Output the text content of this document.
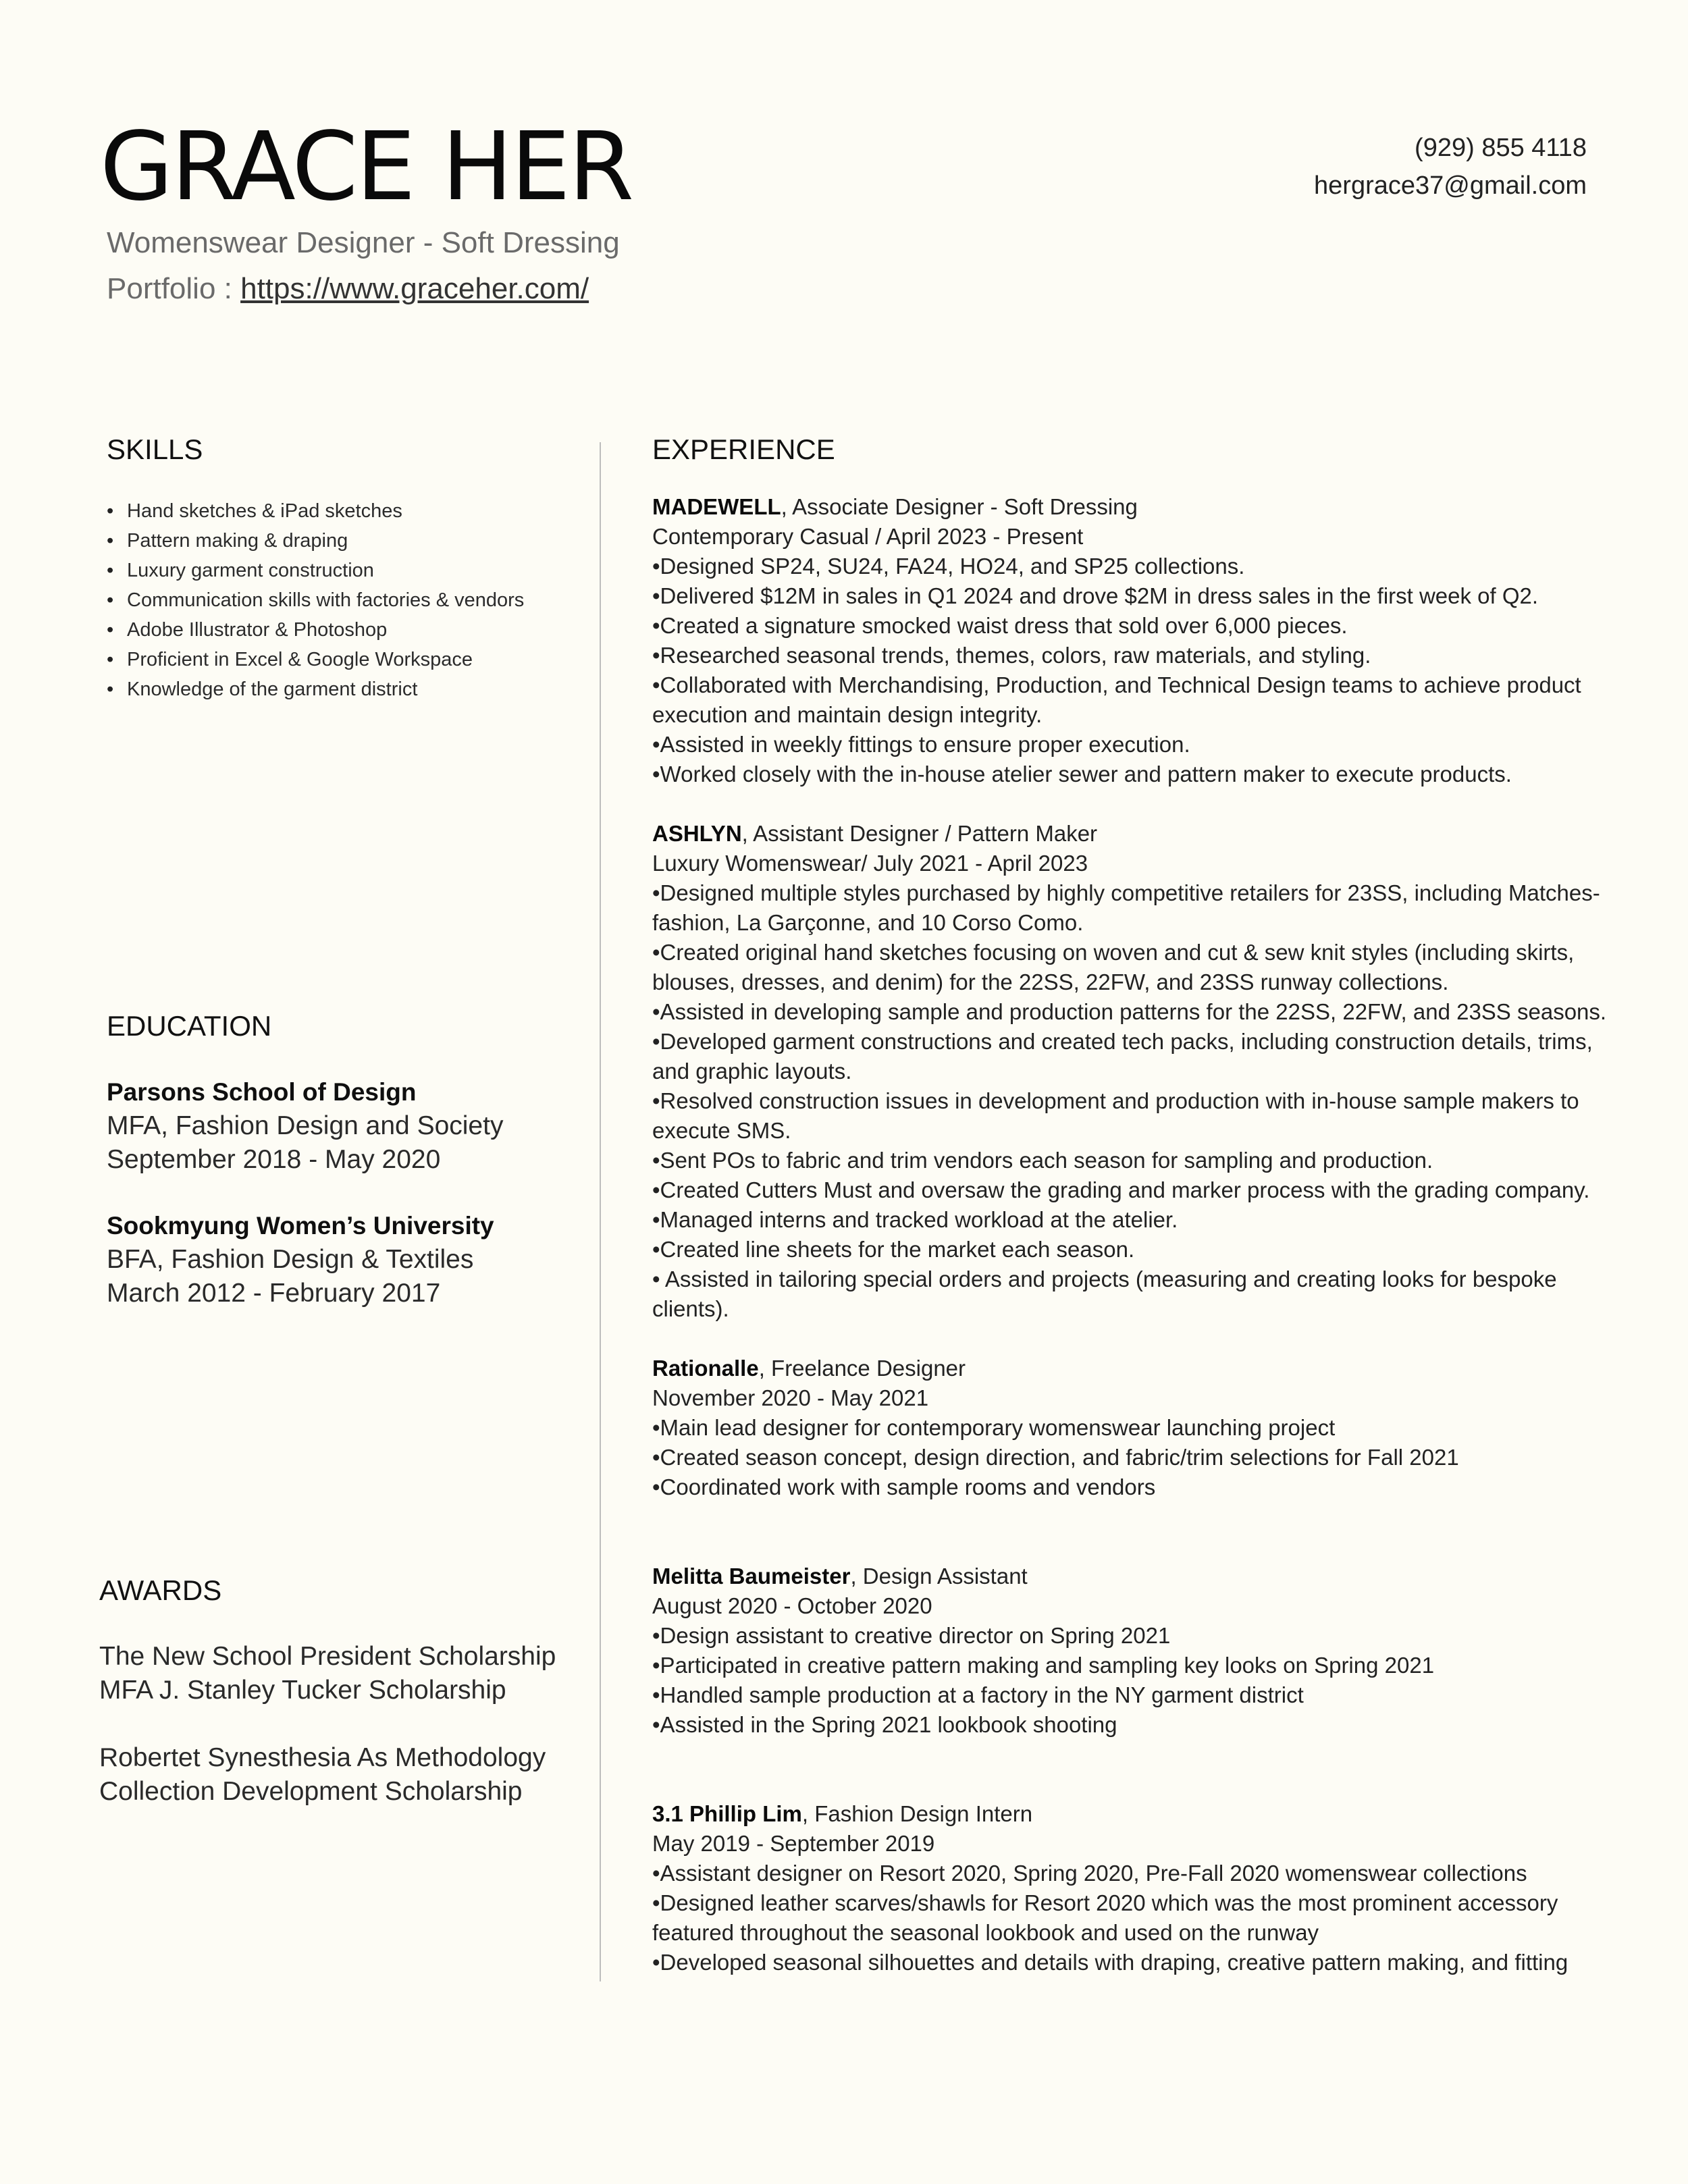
GRACE HER

Womenswear Designer - Soft Dressing

Portfolio : https://www.graceher.com/

(929) 855 4118

hergrace37@gmail.com

SKILLS
• Hand sketches & iPad sketches
• Pattern making & draping
• Luxury garment construction
• Communication skills with factories & vendors
• Adobe Illustrator & Photoshop
• Proficient in Excel & Google Workspace
• Knowledge of the garment district
EDUCATION

Parsons School of Design

MFA, Fashion Design and Society

September 2018 - May 2020

Sookmyung Women’s University

BFA, Fashion Design & Textiles

March 2012 - February 2017

AWARDS

The New School President Scholarship

MFA J. Stanley Tucker Scholarship

Robertet Synesthesia As Methodology

Collection Development Scholarship

EXPERIENCE

MADEWELL, Associate Designer - Soft Dressing

Contemporary Casual / April 2023 - Present

•Designed SP24, SU24, FA24, HO24, and SP25 collections.

•Delivered $12M in sales in Q1 2024 and drove $2M in dress sales in the first week of Q2.

•Created a signature smocked waist dress that sold over 6,000 pieces.

•Researched seasonal trends, themes, colors, raw materials, and styling.

•Collaborated with Merchandising, Production, and Technical Design teams to achieve product execution and maintain design integrity.

•Assisted in weekly fittings to ensure proper execution.

•Worked closely with the in-house atelier sewer and pattern maker to execute products.

ASHLYN, Assistant Designer / Pattern Maker

Luxury Womenswear/ July 2021 - April 2023

•Designed multiple styles purchased by highly competitive retailers for 23SS, including Matches-fashion, La Garçonne, and 10 Corso Como.

•Created original hand sketches focusing on woven and cut & sew knit styles (including skirts, blouses, dresses, and denim) for the 22SS, 22FW, and 23SS runway collections.

•Assisted in developing sample and production patterns for the 22SS, 22FW, and 23SS seasons.

•Developed garment constructions and created tech packs, including construction details, trims, and graphic layouts.

•Resolved construction issues in development and production with in-house sample makers to execute SMS.

•Sent POs to fabric and trim vendors each season for sampling and production.

•Created Cutters Must and oversaw the grading and marker process with the grading company.

•Managed interns and tracked workload at the atelier.

•Created line sheets for the market each season.

• Assisted in tailoring special orders and projects (measuring and creating looks for bespoke clients).

Rationalle, Freelance Designer

November 2020 - May 2021

•Main lead designer for contemporary womenswear launching project

•Created season concept, design direction, and fabric/trim selections for Fall 2021

•Coordinated work with sample rooms and vendors

Melitta Baumeister, Design Assistant

August 2020 - October 2020

•Design assistant to creative director on Spring 2021

•Participated in creative pattern making and sampling key looks on Spring 2021

•Handled sample production at a factory in the NY garment district

•Assisted in the Spring 2021 lookbook shooting

3.1 Phillip Lim, Fashion Design Intern

May 2019 - September 2019

•Assistant designer on Resort 2020, Spring 2020, Pre-Fall 2020 womenswear collections

•Designed leather scarves/shawls for Resort 2020 which was the most prominent accessory featured throughout the seasonal lookbook and used on the runway

•Developed seasonal silhouettes and details with draping, creative pattern making, and fitting
